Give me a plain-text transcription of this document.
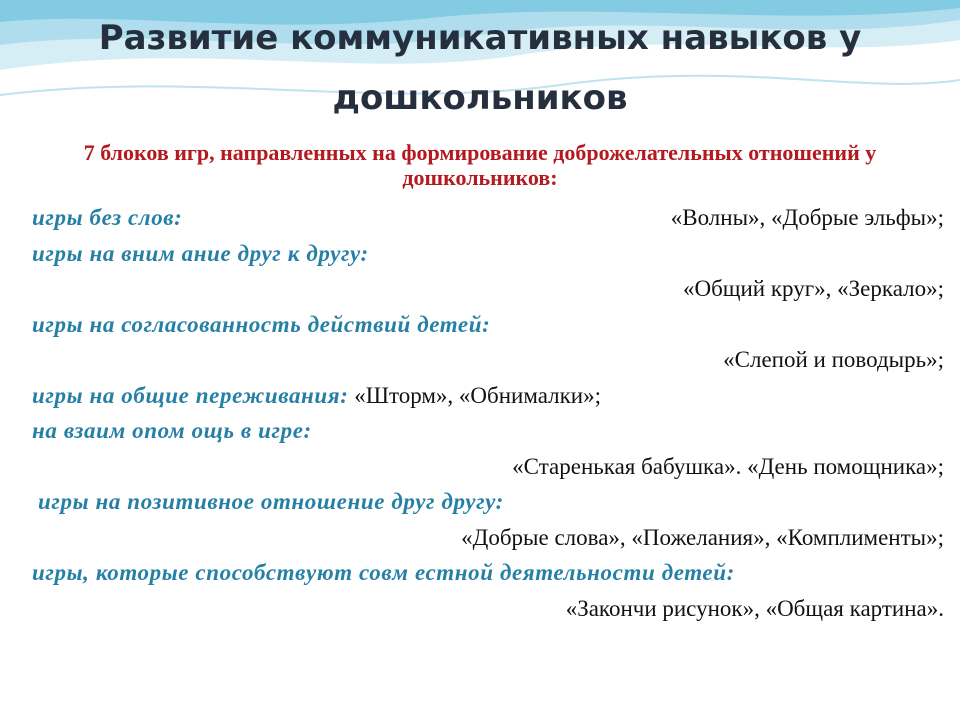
Развитие коммуникативных навыков у дошкольников
7 блоков игр, направленных на формирование доброжелательных отношений у дошкольников:
игры без слов:	«Волны», «Добрые эльфы»;
игры на вним ание друг к другу:
«Общий круг», «Зеркало»;
игры на согласованность действий детей:
«Слепой и поводырь»;
игры на общие переживания: «Шторм», «Обнималки»;
на взаим опом ощь в игре:
«Старенькая бабушка». «День помощника»;
игры на позитивное отношение друг другу:
«Добрые слова», «Пожелания», «Комплименты»;
игры, которые способствуют совм естной деятельности детей:
«Закончи рисунок», «Общая картина».
